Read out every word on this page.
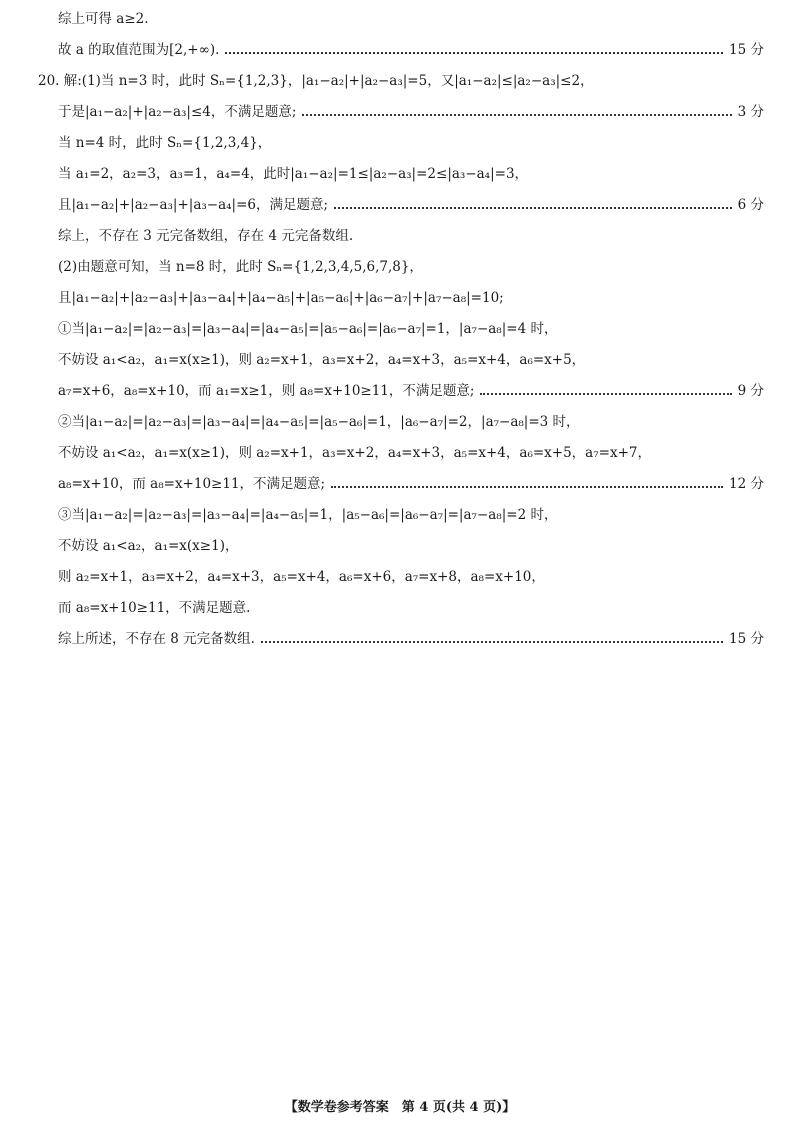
综上可得 a≥2.
故 a 的取值范围为[2,+∞).	15 分
20. 解:(1)当 n=3 时，此时 Sₙ={1,2,3}，|a₁−a₂|+|a₂−a₃|=5，又|a₁−a₂|≤|a₂−a₃|≤2，
于是|a₁−a₂|+|a₂−a₃|≤4，不满足题意;	3 分
当 n=4 时，此时 Sₙ={1,2,3,4}，
当 a₁=2，a₂=3，a₃=1，a₄=4，此时|a₁−a₂|=1≤|a₂−a₃|=2≤|a₃−a₄|=3，
且|a₁−a₂|+|a₂−a₃|+|a₃−a₄|=6，满足题意;	6 分
综上，不存在 3 元完备数组，存在 4 元完备数组.
(2)由题意可知，当 n=8 时，此时 Sₙ={1,2,3,4,5,6,7,8}，
且|a₁−a₂|+|a₂−a₃|+|a₃−a₄|+|a₄−a₅|+|a₅−a₆|+|a₆−a₇|+|a₇−a₈|=10;
①当|a₁−a₂|=|a₂−a₃|=|a₃−a₄|=|a₄−a₅|=|a₅−a₆|=|a₆−a₇|=1，|a₇−a₈|=4 时，
不妨设 a₁<a₂，a₁=x(x≥1)，则 a₂=x+1，a₃=x+2，a₄=x+3，a₅=x+4，a₆=x+5，
a₇=x+6，a₈=x+10，而 a₁=x≥1，则 a₈=x+10≥11，不满足题意;	9 分
②当|a₁−a₂|=|a₂−a₃|=|a₃−a₄|=|a₄−a₅|=|a₅−a₆|=1，|a₆−a₇|=2，|a₇−a₈|=3 时，
不妨设 a₁<a₂，a₁=x(x≥1)，则 a₂=x+1，a₃=x+2，a₄=x+3，a₅=x+4，a₆=x+5，a₇=x+7，
a₈=x+10，而 a₈=x+10≥11，不满足题意;	12 分
③当|a₁−a₂|=|a₂−a₃|=|a₃−a₄|=|a₄−a₅|=1，|a₅−a₆|=|a₆−a₇|=|a₇−a₈|=2 时，
不妨设 a₁<a₂，a₁=x(x≥1)，
则 a₂=x+1，a₃=x+2，a₄=x+3，a₅=x+4，a₆=x+6，a₇=x+8，a₈=x+10，
而 a₈=x+10≥11，不满足题意.
综上所述，不存在 8 元完备数组.	15 分
【数学卷参考答案　第 4 页(共 4 页)】
